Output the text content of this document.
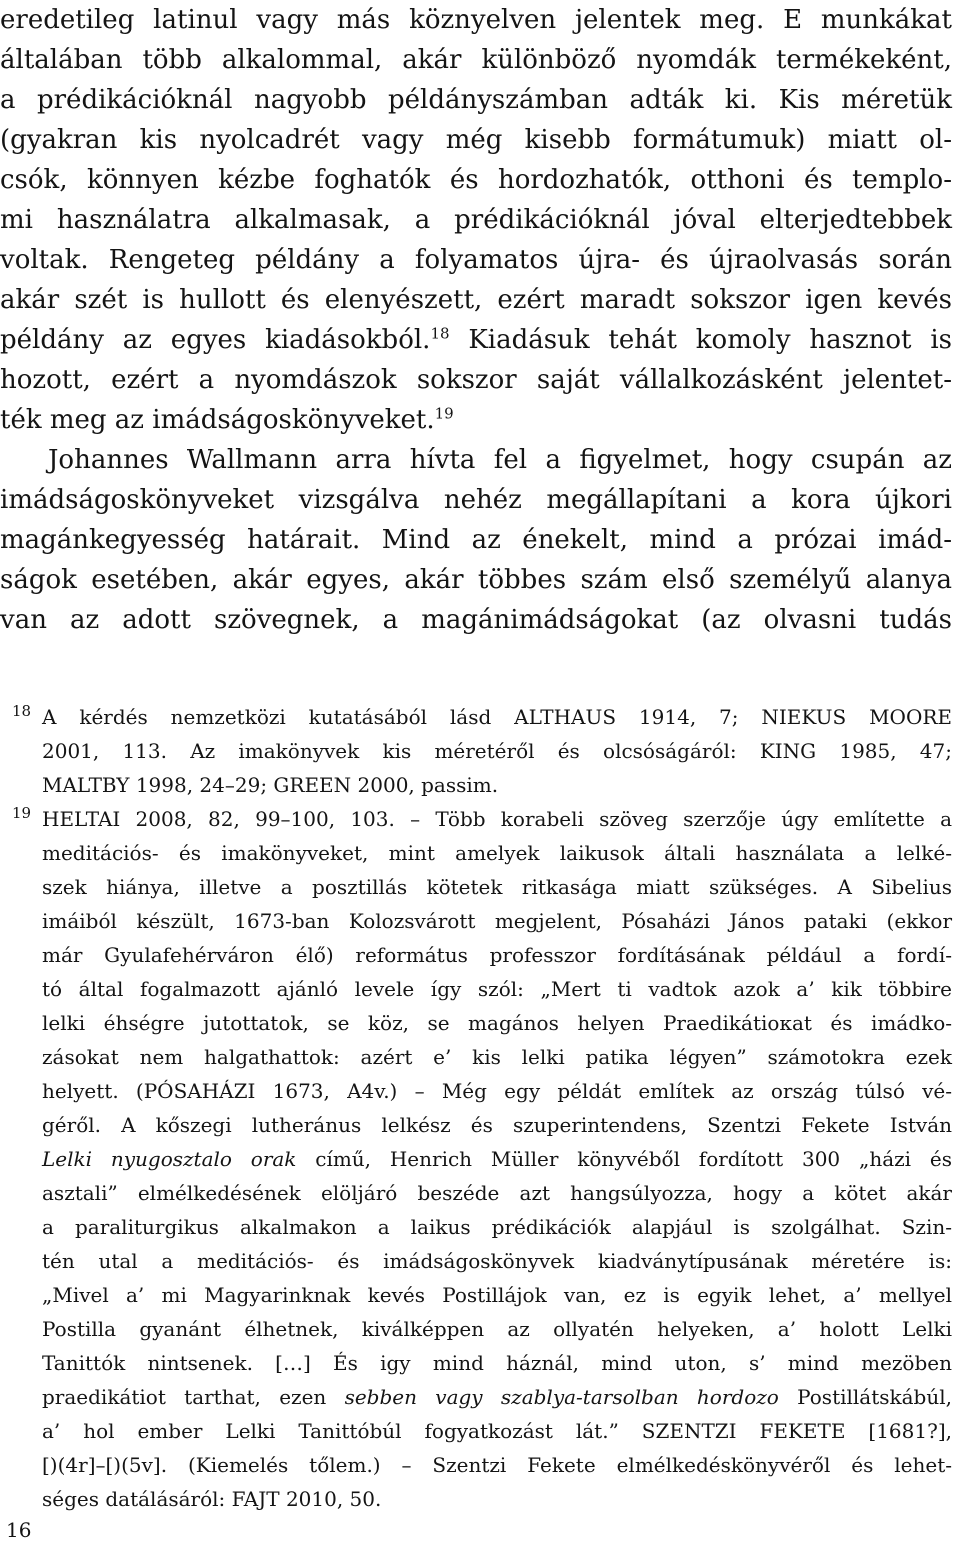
eredetileg latinul vagy más köznyelven jelentek meg. E munkákat
általában több alkalommal, akár különböző nyomdák termékeként,
a prédikációknál nagyobb példányszámban adták ki. Kis méretük
(gyakran kis nyolcadrét vagy még kisebb formátumuk) miatt ol-
csók, könnyen kézbe foghatók és hordozhatók, otthoni és templo-
mi használatra alkalmasak, a prédikációknál jóval elterjedtebbek
voltak. Rengeteg példány a folyamatos újra- és újraolvasás során
akár szét is hullott és elenyészett, ezért maradt sokszor igen kevés
példány az egyes kiadásokból.$^{18}$ Kiadásuk tehát komoly hasznot is
hozott, ezért a nyomdászok sokszor saját vállalkozásként jelentet-
ték meg az imádságoskönyveket.$^{19}$
Johannes Wallmann arra hívta fel a figyelmet, hogy csupán az
imádságoskönyveket vizsgálva nehéz megállapítani a kora újkori
magánkegyesség határait. Mind az énekelt, mind a prózai imád-
ságok esetében, akár egyes, akár többes szám első személyű alanya
van az adott szövegnek, a magánimádságokat (az olvasni tudás
18 A kérdés nemzetközi kutatásából lásd ALTHAUS 1914, 7; NIEKUS MOORE
2001, 113. Az imakönyvek kis méretéről és olcsóságáról: KING 1985, 47;
MALTBY 1998, 24–29; GREEN 2000, passim.
19 HELTAI 2008, 82, 99–100, 103. – Több korabeli szöveg szerzője úgy említette a
meditációs- és imakönyveket, mint amelyek laikusok általi használata a lelké-
szek hiánya, illetve a posztillás kötetek ritkasága miatt szükséges. A Sibelius
imáiból készült, 1673-ban Kolozsvárott megjelent, Pósaházi János pataki (ekkor
már Gyulafehérváron élő) református professzor fordításának például a fordí-
tó által fogalmazott ajánló levele így szól: „Mert ti vadtok azok a’ kik többire
lelki éhségre jutottatok, se köz, se magános helyen Praedikátioкat és imádko-
zásokat nem halgathattok: azért e’ kis lelki patika légyen” számotokra ezek
helyett. (PÓSAHÁZI 1673, A4v.) – Még egy példát említek az ország túlsó vé-
géről. A kőszegi lutheránus lelkész és szuperintendens, Szentzi Fekete István
Lelki nyugosztalo orak című, Henrich Müller könyvéből fordított 300 „házi és
asztali” elmélkedésének elöljáró beszéde azt hangsúlyozza, hogy a kötet akár
a paraliturgikus alkalmakon a laikus prédikációk alapjául is szolgálhat. Szin-
tén utal a meditációs- és imádságoskönyvek kiadványtípusának méretére is:
„Mivel a’ mi Magyarinknak kevés Postillájok van, ez is egyik lehet, a’ mellyel
Postilla gyanánt élhetnek, kiválképpen az ollyatén helyeken, a’ holott Lelki
Tanittók nintsenek. […] És igy mind háznál, mind uton, s’ mind mezöben
praedikátiot tarthat, ezen sebben vagy szablya-tarsolban hordozo Postillátskábúl,
a’ hol ember Lelki Tanittóbúl fogyatkozást lát.” SZENTZI FEKETE [1681?],
[)(4r]–[)(5v]. (Kiemelés tőlem.) – Szentzi Fekete elmélkedéskönyvéről és lehet-
séges datálásáról: FAJT 2010, 50.
16
